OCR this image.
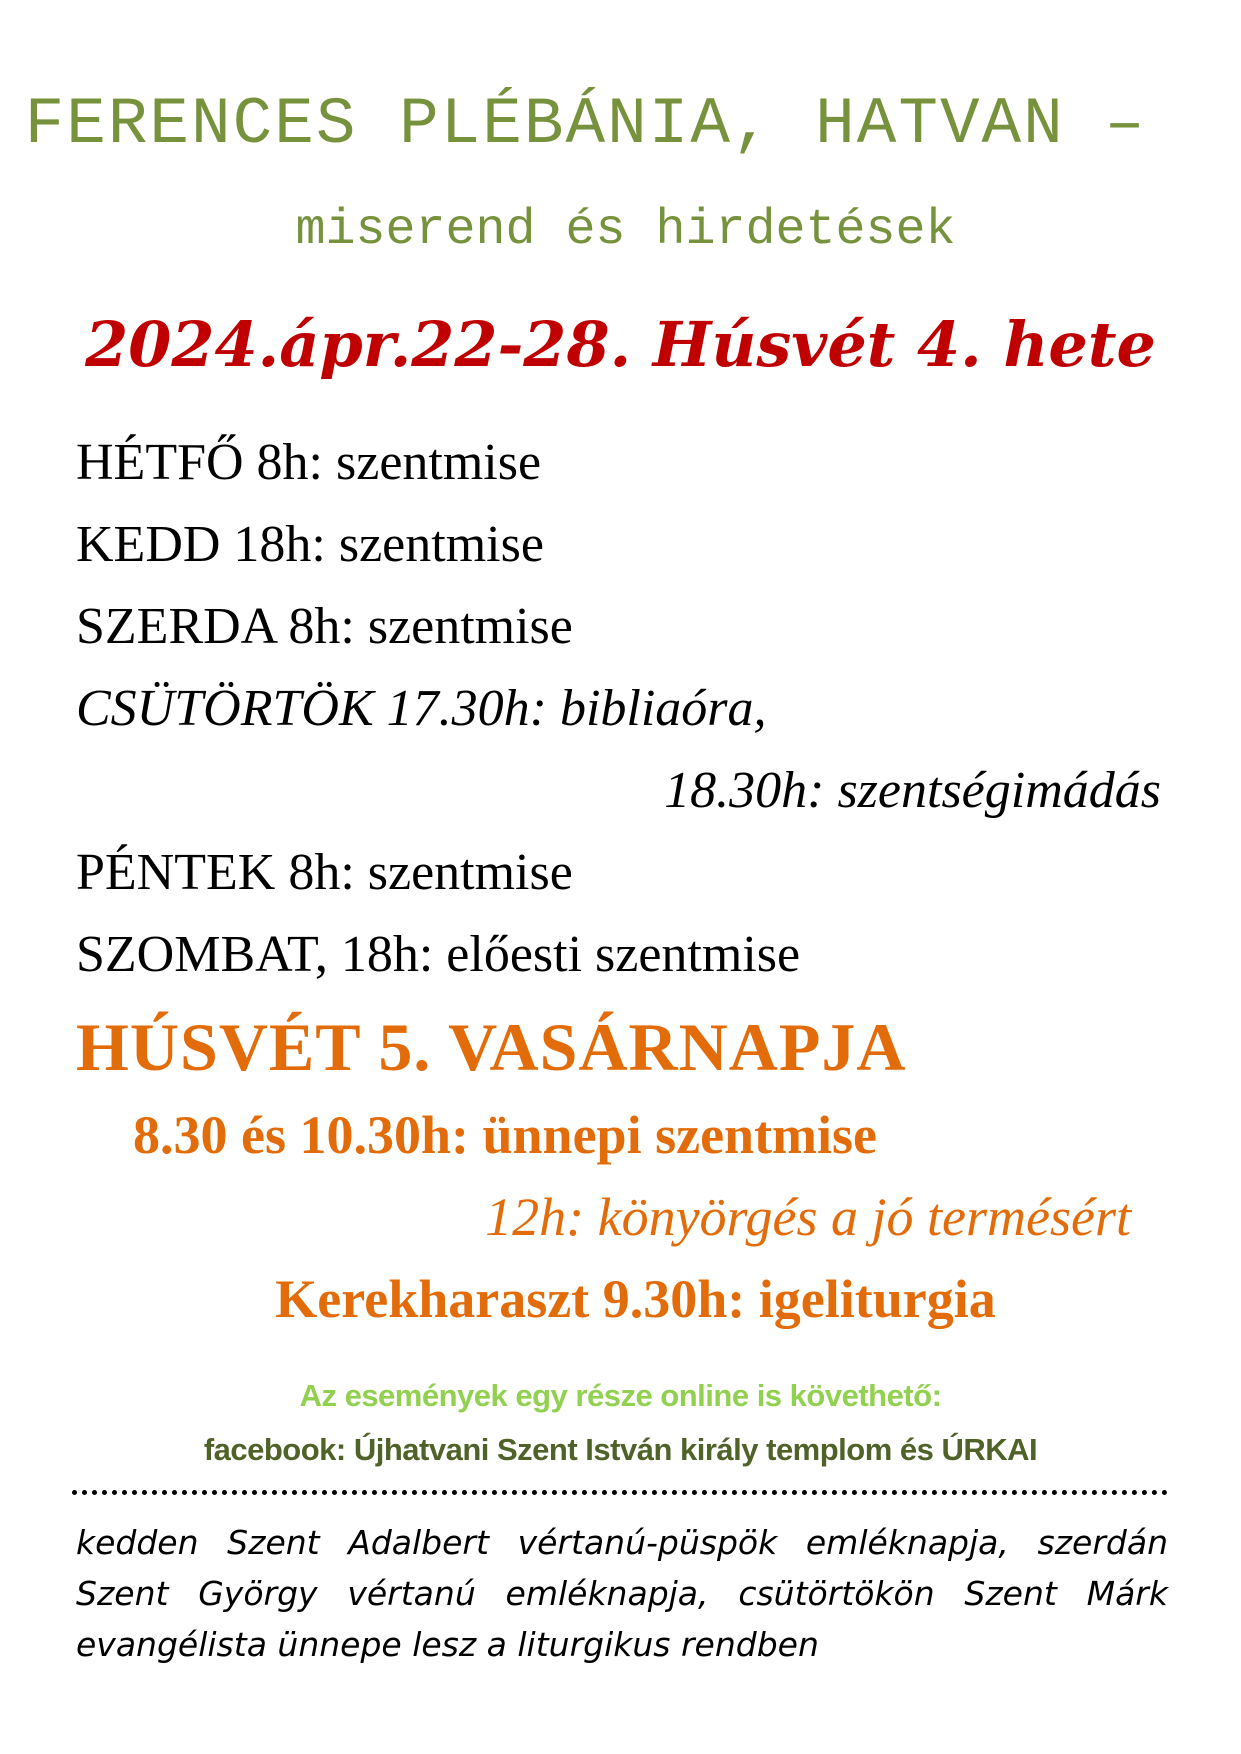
FERENCES PLÉBÁNIA, HATVAN –
miserend és hirdetések
2024.ápr.22-28. Húsvét 4. hete
HÉTFŐ 8h: szentmise
KEDD 18h: szentmise
SZERDA 8h: szentmise
CSÜTÖRTÖK 17.30h: bibliaóra,
18.30h: szentségimádás
PÉNTEK 8h: szentmise
SZOMBAT, 18h: előesti szentmise
HÚSVÉT 5. VASÁRNAPJA
8.30 és 10.30h: ünnepi szentmise
12h: könyörgés a jó termésért
Kerekharaszt 9.30h: igeliturgia
Az események egy része online is követhető:
facebook: Újhatvani Szent István király templom és ÚRKAI
kedden Szent Adalbert vértanú-püspök emléknapja, szerdán Szent György vértanú emléknapja, csütörtökön Szent Márk evangélista ünnepe lesz a liturgikus rendben
